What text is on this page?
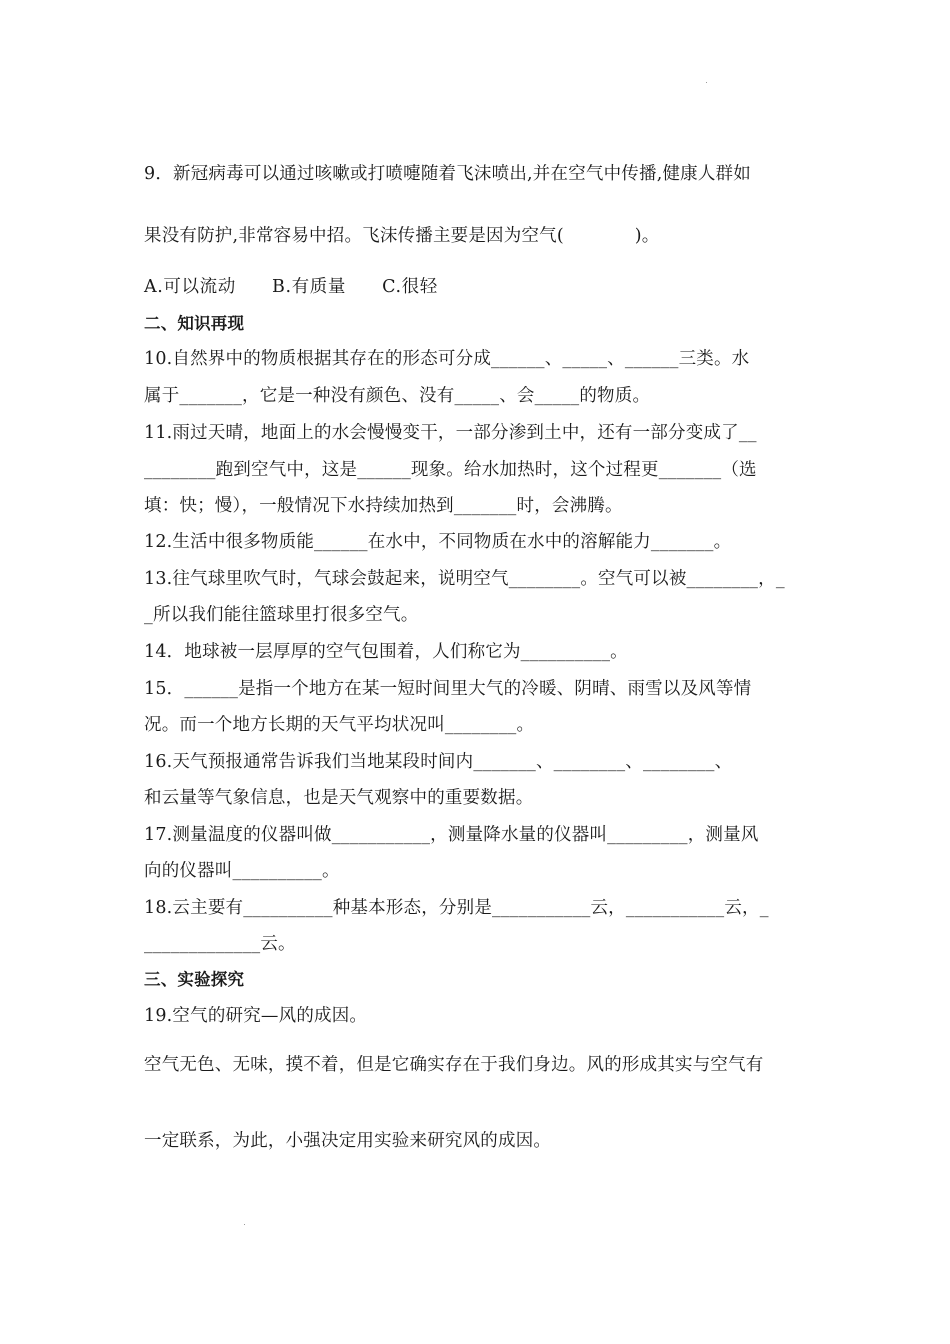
9．新冠病毒可以通过咳嗽或打喷嚏随着飞沫喷出,并在空气中传播,健康人群如
果没有防护,非常容易中招。飞沫传播主要是因为空气(　　　　)。
A.可以流动　　B.有质量　　C.很轻
二、知识再现
10.自然界中的物质根据其存在的形态可分成______、_____、______三类。水
属于_______，它是一种没有颜色、没有_____、会_____的物质。
11.雨过天晴，地面上的水会慢慢变干，一部分渗到土中，还有一部分变成了__
________跑到空气中，这是______现象。给水加热时，这个过程更_______（选
填：快；慢），一般情况下水持续加热到_______时，会沸腾。
12.生活中很多物质能______在水中，不同物质在水中的溶解能力_______。
13.往气球里吹气时，气球会鼓起来，说明空气________。空气可以被________，_
_所以我们能往篮球里打很多空气。
14．地球被一层厚厚的空气包围着，人们称它为__________。
15．______是指一个地方在某一短时间里大气的冷暖、阴晴、雨雪以及风等情
况。而一个地方长期的天气平均状况叫________。
16.天气预报通常告诉我们当地某段时间内_______、________、________、
和云量等气象信息，也是天气观察中的重要数据。
17.测量温度的仪器叫做___________，测量降水量的仪器叫_________，测量风
向的仪器叫__________。
18.云主要有__________种基本形态，分别是___________云，___________云，_
_____________云。
三、实验探究
19.空气的研究—风的成因。
空气无色、无味，摸不着，但是它确实存在于我们身边。风的形成其实与空气有
一定联系，为此，小强决定用实验来研究风的成因。
